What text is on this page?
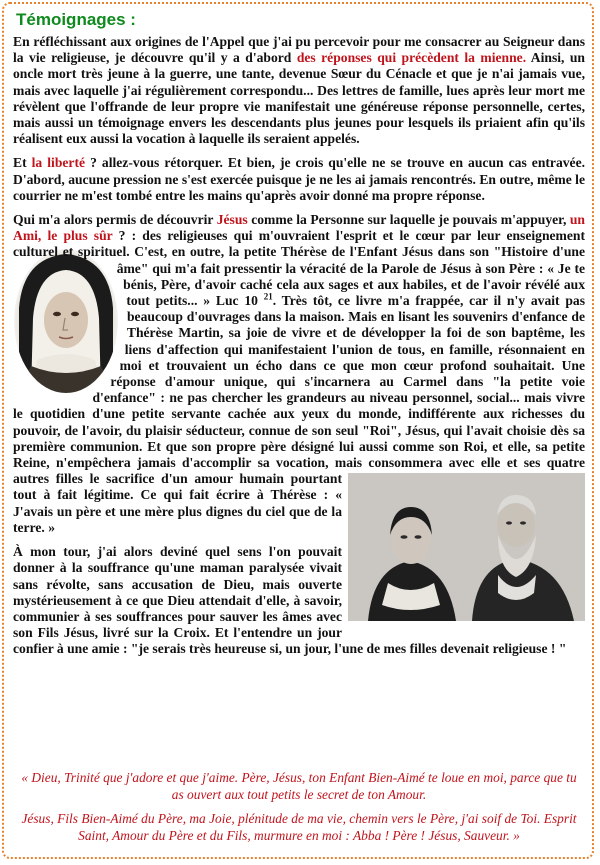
Témoignages :

En réfléchissant aux origines de l'Appel que j'ai pu percevoir pour me consacrer au Seigneur dans la vie religieuse, je découvre qu'il y a d'abord des réponses qui précèdent la mienne. Ainsi, un oncle mort très jeune à la guerre, une tante, devenue Sœur du Cénacle et que je n'ai jamais vue, mais avec laquelle j'ai régulièrement correspondu... Des lettres de famille, lues après leur mort me révèlent que l'offrande de leur propre vie manifestait une généreuse réponse personnelle, certes, mais aussi un témoignage envers les descendants plus jeunes pour lesquels ils priaient afin qu'ils réalisent eux aussi la vocation à laquelle ils seraient appelés.

Et la liberté ? allez-vous rétorquer. Et bien, je crois qu'elle ne se trouve en aucun cas entravée. D'abord, aucune pression ne s'est exercée puisque je ne les ai jamais rencontrés. En outre, même le courrier ne m'est tombé entre les mains qu'après avoir donné ma propre réponse.

Qui m'a alors permis de découvrir Jésus comme la Personne sur laquelle je pouvais m'appuyer, un Ami, le plus sûr ? : des religieuses qui m'ouvraient l'esprit et le cœur par leur enseignement culturel et spirituel.
C'est, en outre, la petite Thérèse de l'Enfant Jésus dans son "Histoire d'une âme" qui m'a fait pressentir la véracité de la Parole de Jésus à son Père : « Je te bénis, Père, d'avoir caché cela aux sages et aux habiles, et de l'avoir révélé aux tout petits... » Luc 10 $^{21}$. Très tôt, ce livre m'a frappée, car il n'y avait pas beaucoup d'ouvrages dans la maison. Mais en lisant les souvenirs d'enfance de Thérèse Martin, sa joie de vivre et de développer la foi de son baptême, les liens d'affection qui manifestaient l'union de tous, en famille, résonnaient en moi et trouvaient un écho dans ce que mon cœur profond souhaitait. Une réponse d'amour unique, qui s'incarnera au Carmel dans "la petite voie d'enfance" : ne pas chercher les grandeurs au niveau personnel, social... mais vivre le quotidien d'une petite servante cachée aux yeux du monde, indifférente aux richesses du pouvoir, de l'avoir, du plaisir séducteur, connue de son seul "Roi", Jésus, qui l'avait choisie dès sa première communion. Et que son propre père désigné lui aussi comme son Roi, et elle, sa petite Reine, n'empêchera jamais d'accomplir sa vocation, mais consommera
avec elle et ses quatre autres filles le sacrifice d'un amour humain pourtant tout à fait légitime. Ce qui fait écrire à Thérèse : « J'avais un père et une mère plus dignes du ciel que de la terre. »

À mon tour, j'ai alors deviné quel sens l'on pouvait donner à la souffrance qu'une maman paralysée vivait sans révolte, sans accusation de Dieu, mais ouverte mystérieusement à ce que Dieu attendait d'elle, à savoir, communier à ses souffrances pour sauver les âmes avec son Fils Jésus, livré sur la Croix. Et l'entendre un jour confier à une amie : "je serais très heureuse si, un jour, l'une de mes filles devenait religieuse ! "

« Dieu, Trinité que j'adore et que j'aime. Père, Jésus, ton Enfant Bien-Aimé te loue en moi, parce que tu as ouvert aux tout petits le secret de ton Amour.

Jésus, Fils Bien-Aimé du Père, ma Joie, plénitude de ma vie, chemin vers le Père, j'ai soif de Toi. Esprit Saint, Amour du Père et du Fils, murmure en moi : Abba ! Père ! Jésus, Sauveur. »
